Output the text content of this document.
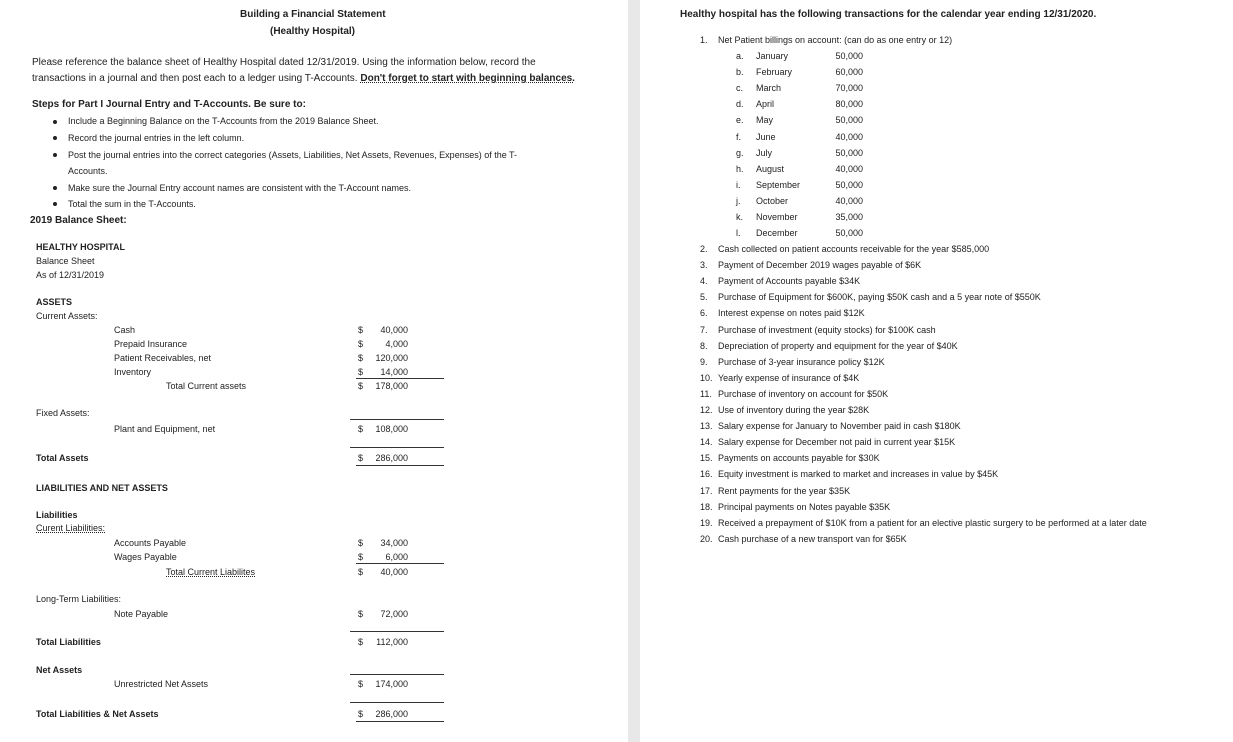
Building a Financial Statement
(Healthy Hospital)
Please reference the balance sheet of Healthy Hospital dated 12/31/2019. Using the information below, record the
transactions in a journal and then post each to a ledger using T-Accounts. Don't forget to start with beginning balances.
Steps for Part I Journal Entry and T-Accounts. Be sure to:
Include a Beginning Balance on the T-Accounts from the 2019 Balance Sheet.
Record the journal entries in the left column.
Post the journal entries into the correct categories (Assets, Liabilities, Net Assets, Revenues, Expenses) of the T-
Accounts.
Make sure the Journal Entry account names are consistent with the T-Account names.
Total the sum in the T-Accounts.
2019 Balance Sheet:
HEALTHY HOSPITAL
Balance Sheet
As of 12/31/2019
ASSETS
Current Assets:
Cash	$ 40,000
Prepaid Insurance	$ 4,000
Patient Receivables, net	$ 120,000
Inventory	$ 14,000
Total Current assets	$ 178,000
Fixed Assets:
Plant and Equipment, net	$ 108,000
Total Assets	$ 286,000
LIABILITIES AND NET ASSETS
Liabilities
Curent Liabilities:
Accounts Payable	$ 34,000
Wages Payable	$ 6,000
Total Current Liabilites	$ 40,000
Long-Term Liabilities:
Note Payable	$ 72,000
Total Liabilities	$ 112,000
Net Assets
Unrestricted Net Assets	$ 174,000
Total Liabilities & Net Assets	$ 286,000
Healthy hospital has the following transactions for the calendar year ending 12/31/2020.
1. Net Patient billings on account: (can do as one entry or 12)
a. January	50,000
b. February	60,000
c. March	70,000
d. April	80,000
e. May	50,000
f. June	40,000
g. July	50,000
h. August	40,000
i. September	50,000
j. October	40,000
k. November	35,000
l. December	50,000
2. Cash collected on patient accounts receivable for the year $585,000
3. Payment of December 2019 wages payable of $6K
4. Payment of Accounts payable $34K
5. Purchase of Equipment for $600K, paying $50K cash and a 5 year note of $550K
6. Interest expense on notes paid $12K
7. Purchase of investment (equity stocks) for $100K cash
8. Depreciation of property and equipment for the year of $40K
9. Purchase of 3-year insurance policy $12K
10. Yearly expense of insurance of $4K
11. Purchase of inventory on account for $50K
12. Use of inventory during the year $28K
13. Salary expense for January to November paid in cash $180K
14. Salary expense for December not paid in current year $15K
15. Payments on accounts payable for $30K
16. Equity investment is marked to market and increases in value by $45K
17. Rent payments for the year $35K
18. Principal payments on Notes payable $35K
19. Received a prepayment of $10K from a patient for an elective plastic surgery to be performed at a later date
20. Cash purchase of a new transport van for $65K
